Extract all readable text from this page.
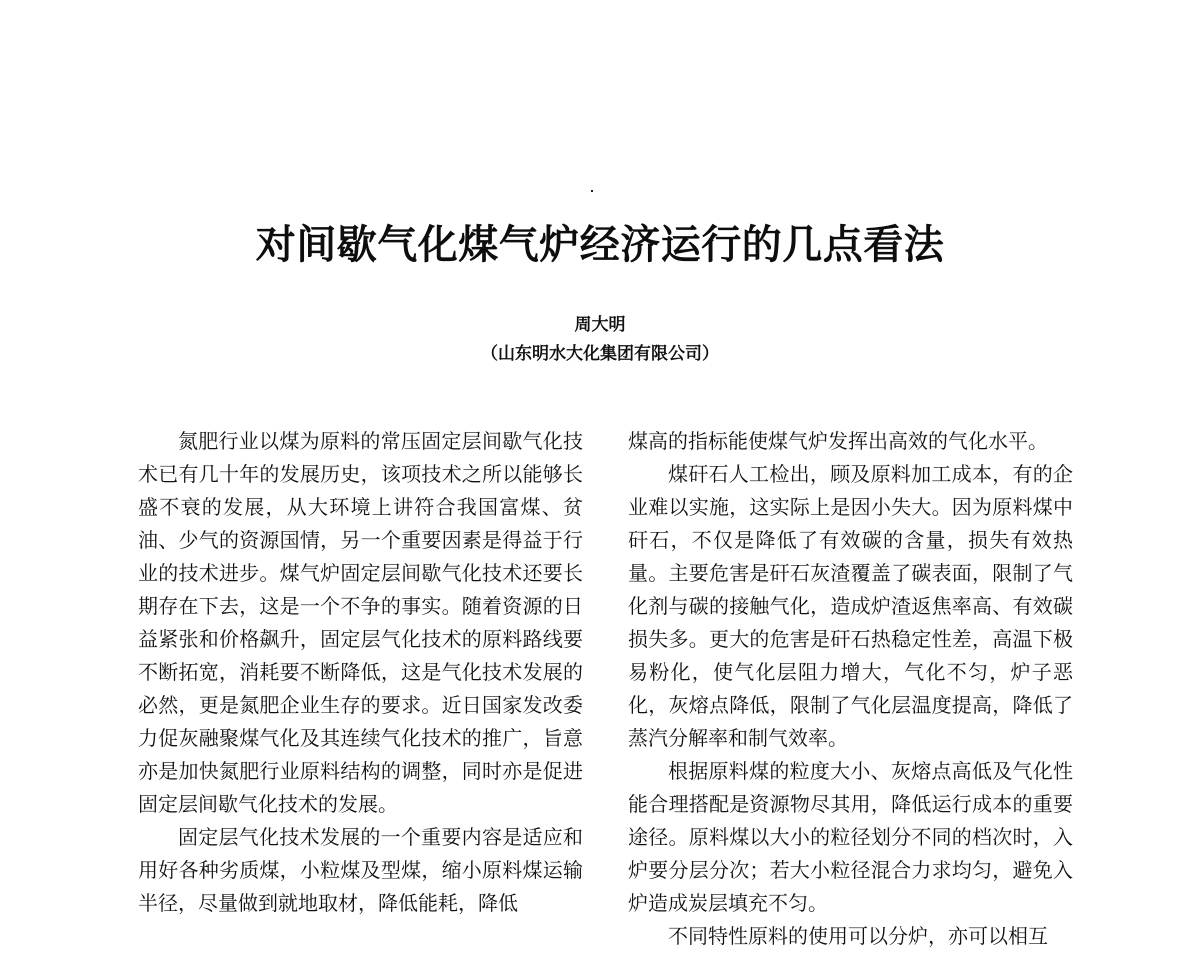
对间歇气化煤气炉经济运行的几点看法
周大明
（山东明水大化集团有限公司）

氮肥行业以煤为原料的常压固定层间歇气化技术已有几十年的发展历史，该项技术之所以能够长盛不衰的发展，从大环境上讲符合我国富煤、贫油、少气的资源国情，另一个重要因素是得益于行业的技术进步。煤气炉固定层间歇气化技术还要长期存在下去，这是一个不争的事实。随着资源的日益紧张和价格飙升，固定层气化技术的原料路线要不断拓宽，消耗要不断降低，这是气化技术发展的必然，更是氮肥企业生存的要求。近日国家发改委力促灰融聚煤气化及其连续气化技术的推广，旨意亦是加快氮肥行业原料结构的调整，同时亦是促进固定层间歇气化技术的发展。

固定层气化技术发展的一个重要内容是适应和用好各种劣质煤，小粒煤及型煤，缩小原料煤运输半径，尽量做到就地取材，降低能耗，降低

煤高的指标能使煤气炉发挥出高效的气化水平。

煤矸石人工检出，顾及原料加工成本，有的企业难以实施，这实际上是因小失大。因为原料煤中矸石，不仅是降低了有效碳的含量，损失有效热量。主要危害是矸石灰渣覆盖了碳表面，限制了气化剂与碳的接触气化，造成炉渣返焦率高、有效碳损失多。更大的危害是矸石热稳定性差，高温下极易粉化，使气化层阻力增大，气化不匀，炉子恶化，灰熔点降低，限制了气化层温度提高，降低了蒸汽分解率和制气效率。

根据原料煤的粒度大小、灰熔点高低及气化性能合理搭配是资源物尽其用，降低运行成本的重要途径。原料煤以大小的粒径划分不同的档次时，入炉要分层分次；若大小粒径混合力求均匀，避免入炉造成炭层填充不匀。

不同特性原料的使用可以分炉，亦可以相互
